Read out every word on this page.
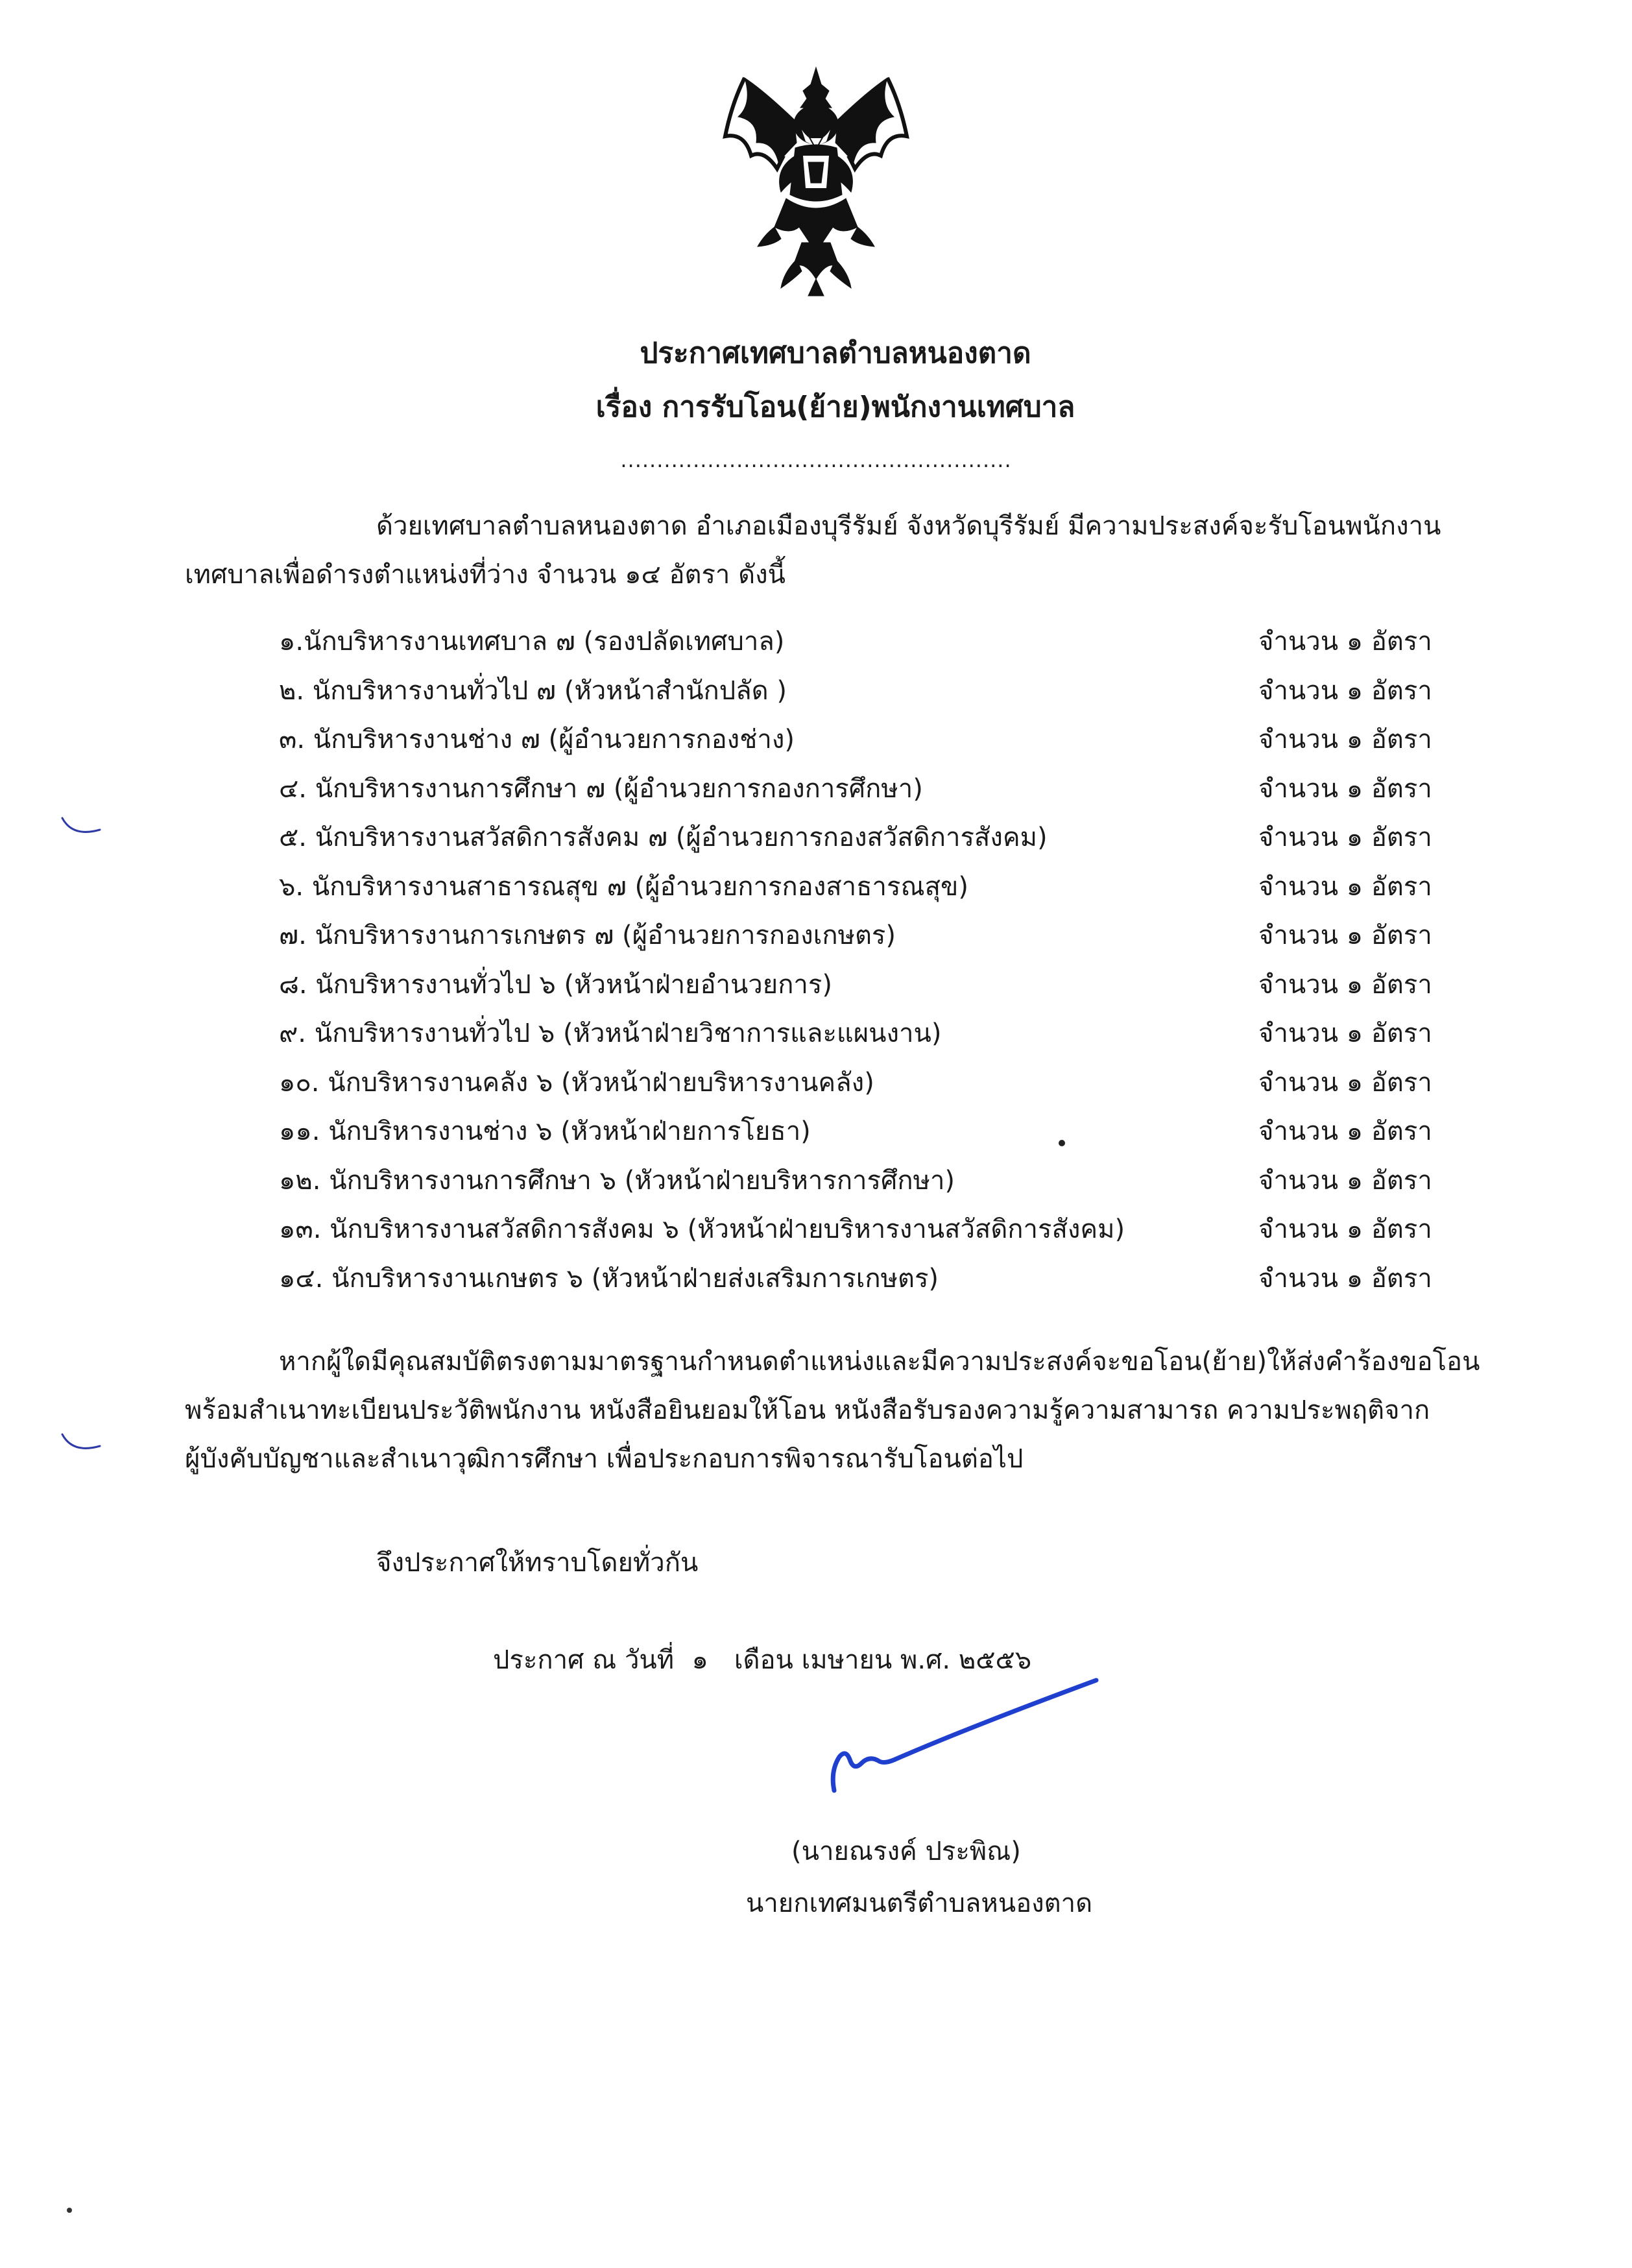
ประกาศเทศบาลตำบลหนองตาด
เรื่อง การรับโอน(ย้าย)พนักงานเทศบาล
......................................................
ด้วยเทศบาลตำบลหนองตาด อำเภอเมืองบุรีรัมย์ จังหวัดบุรีรัมย์ มีความประสงค์จะรับโอนพนักงาน
เทศบาลเพื่อดำรงตำแหน่งที่ว่าง จำนวน ๑๔ อัตรา ดังนี้
๑.นักบริหารงานเทศบาล ๗ (รองปลัดเทศบาล)	จำนวน ๑ อัตรา
๒. นักบริหารงานทั่วไป ๗ (หัวหน้าสำนักปลัด )	จำนวน ๑ อัตรา
๓. นักบริหารงานช่าง ๗ (ผู้อำนวยการกองช่าง)	จำนวน ๑ อัตรา
๔. นักบริหารงานการศึกษา ๗ (ผู้อำนวยการกองการศึกษา)	จำนวน ๑ อัตรา
๕. นักบริหารงานสวัสดิการสังคม ๗ (ผู้อำนวยการกองสวัสดิการสังคม)	จำนวน ๑ อัตรา
๖. นักบริหารงานสาธารณสุข ๗ (ผู้อำนวยการกองสาธารณสุข)	จำนวน ๑ อัตรา
๗. นักบริหารงานการเกษตร ๗ (ผู้อำนวยการกองเกษตร)	จำนวน ๑ อัตรา
๘. นักบริหารงานทั่วไป ๖ (หัวหน้าฝ่ายอำนวยการ)	จำนวน ๑ อัตรา
๙. นักบริหารงานทั่วไป ๖ (หัวหน้าฝ่ายวิชาการและแผนงาน)	จำนวน ๑ อัตรา
๑๐. นักบริหารงานคลัง ๖ (หัวหน้าฝ่ายบริหารงานคลัง)	จำนวน ๑ อัตรา
๑๑. นักบริหารงานช่าง ๖ (หัวหน้าฝ่ายการโยธา)	จำนวน ๑ อัตรา
๑๒. นักบริหารงานการศึกษา ๖ (หัวหน้าฝ่ายบริหารการศึกษา)	จำนวน ๑ อัตรา
๑๓. นักบริหารงานสวัสดิการสังคม ๖ (หัวหน้าฝ่ายบริหารงานสวัสดิการสังคม)	จำนวน ๑ อัตรา
๑๔. นักบริหารงานเกษตร ๖ (หัวหน้าฝ่ายส่งเสริมการเกษตร)	จำนวน ๑ อัตรา
หากผู้ใดมีคุณสมบัติตรงตามมาตรฐานกำหนดตำแหน่งและมีความประสงค์จะขอโอน(ย้าย)ให้ส่งคำร้องขอโอน
พร้อมสำเนาทะเบียนประวัติพนักงาน หนังสือยินยอมให้โอน หนังสือรับรองความรู้ความสามารถ ความประพฤติจาก
ผู้บังคับบัญชาและสำเนาวุฒิการศึกษา เพื่อประกอบการพิจารณารับโอนต่อไป
จึงประกาศให้ทราบโดยทั่วกัน
ประกาศ ณ วันที่ ๑ เดือน เมษายน พ.ศ. ๒๕๕๖
(นายณรงค์ ประพิณ)
นายกเทศมนตรีตำบลหนองตาด
